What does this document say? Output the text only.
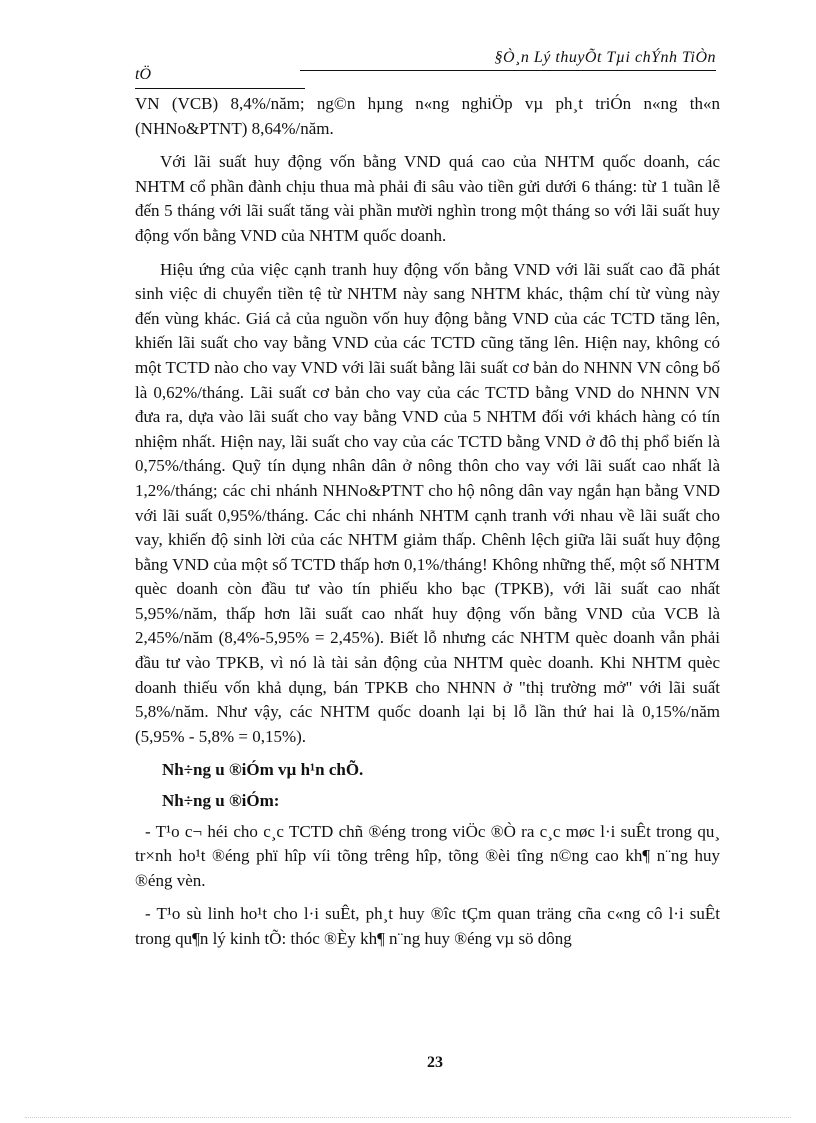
§Ò¸n Lý thuyÕt Tµi chÝnh TiÒn
tÖ

VN (VCB) 8,4%/năm; ng©n hµng n«ng nghiÖp vµ ph¸t triÓn n«ng th«n (NHNo&PTNT) 8,64%/năm.

Với lãi suất huy động vốn bằng VND quá cao của NHTM quốc doanh, các NHTM cổ phần đành chịu thua mà phải đi sâu vào tiền gửi dưới 6 tháng: từ 1 tuần lễ đến 5 tháng với lãi suất tăng vài phần mười nghìn trong một tháng so với lãi suất huy động vốn bằng VND của NHTM quốc doanh.

Hiệu ứng của việc cạnh tranh huy động vốn bằng VND với lãi suất cao đã phát sinh việc di chuyển tiền tệ từ NHTM này sang NHTM khác, thậm chí từ vùng này đến vùng khác. Giá cả của nguồn vốn huy động bằng VND của các TCTD tăng lên, khiến lãi suất cho vay bằng VND của các TCTD cũng tăng lên. Hiện nay, không có một TCTD nào cho vay VND với lãi suất bằng lãi suất cơ bản do NHNN VN công bố là 0,62%/tháng. Lãi suất cơ bản cho vay của các TCTD bằng VND do NHNN VN đưa ra, dựa vào lãi suất cho vay bằng VND của 5 NHTM đối với khách hàng có tín nhiệm nhất. Hiện nay, lãi suất cho vay của các TCTD bằng VND ở đô thị phổ biến là 0,75%/tháng. Quỹ tín dụng nhân dân ở nông thôn cho vay với lãi suất cao nhất là 1,2%/tháng; các chi nhánh NHNo&PTNT cho hộ nông dân vay ngắn hạn bằng VND với lãi suất 0,95%/tháng. Các chi nhánh NHTM cạnh tranh với nhau về lãi suất cho vay, khiến độ sinh lời của các NHTM giảm thấp. Chênh lệch giữa lãi suất huy động bằng VND của một số TCTD thấp hơn 0,1%/tháng! Không những thế, một số NHTM quèc doanh còn đầu tư vào tín phiếu kho bạc (TPKB), với lãi suất cao nhất 5,95%/năm, thấp hơn lãi suất cao nhất huy động vốn bằng VND của VCB là 2,45%/năm (8,4%-5,95% = 2,45%). Biết lỗ nhưng các NHTM quèc doanh vẫn phải đầu tư vào TPKB, vì nó là tài sản động của NHTM quèc doanh. Khi NHTM quèc doanh thiếu vốn khả dụng, bán TPKB cho NHNN ở "thị trường mở" với lãi suất 5,8%/năm. Như vậy, các NHTM quốc doanh lại bị lỗ lần thứ hai là 0,15%/năm (5,95% - 5,8% = 0,15%).

Nh÷ng u ®iÓm vµ h¹n chÕ.

Nh÷ng u ®iÓm:

- T¹o c¬ héi cho c¸c TCTD chñ ®éng trong viÖc ®Ò ra c¸c møc l·i suÊt trong qu¸ tr×nh ho¹t ®éng phï hîp víi tõng trêng hîp, tõng ®èi tîng n©ng cao kh¶ n¨ng huy ®éng vèn.

- T¹o sù linh ho¹t cho l·i suÊt, ph¸t huy ®îc tÇm quan träng cña c«ng cô l·i suÊt trong qu¶n lý kinh tÕ: thóc ®Èy kh¶ n¨ng huy ®éng vµ sö dông

23
